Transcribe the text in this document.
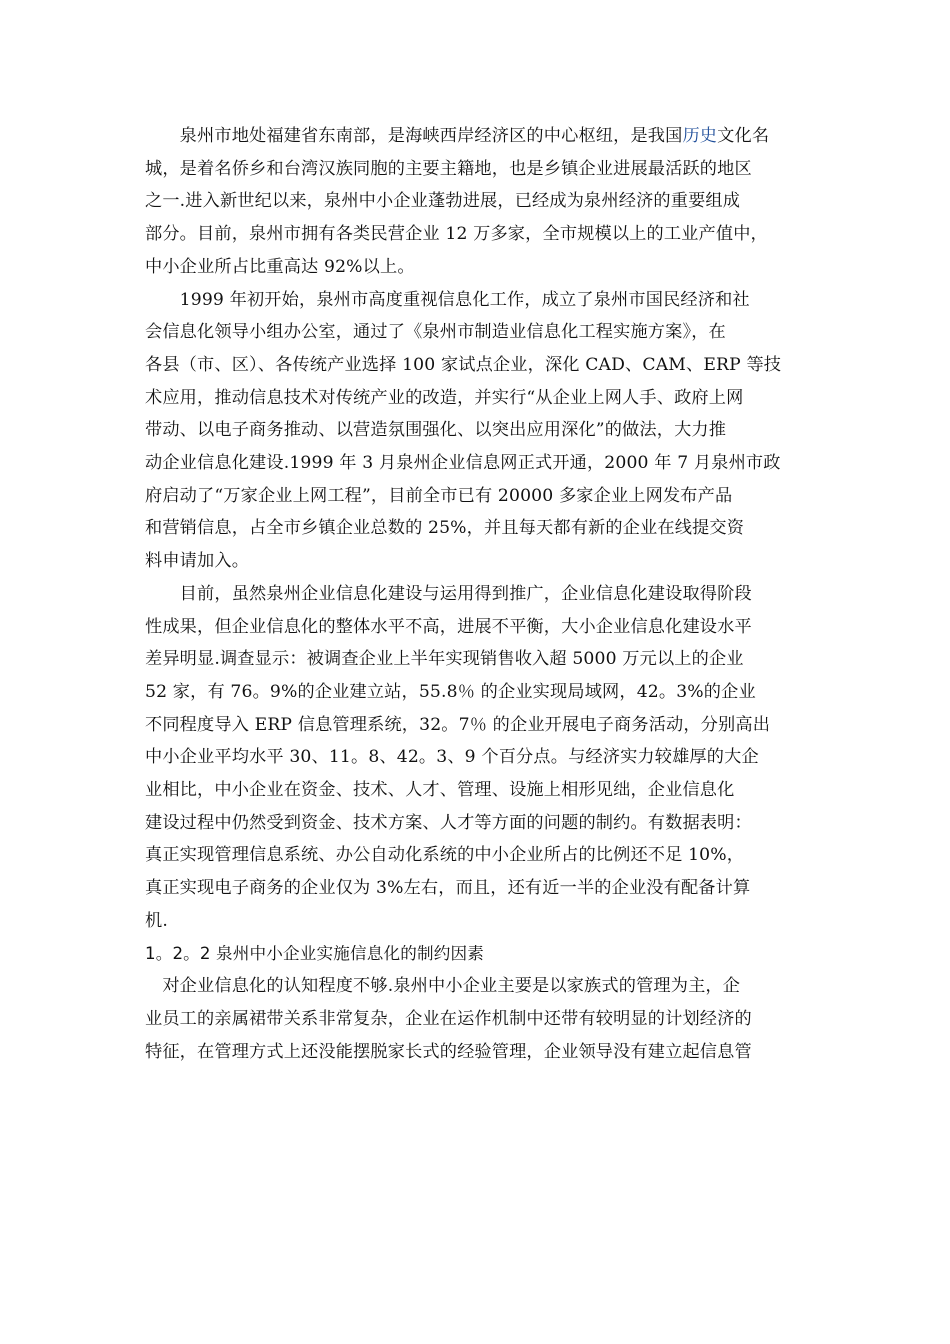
　　泉州市地处福建省东南部，是海峡西岸经济区的中心枢纽，是我国历史文化名
城，是着名侨乡和台湾汉族同胞的主要主籍地，也是乡镇企业进展最活跃的地区
之一.进入新世纪以来，泉州中小企业蓬勃进展，已经成为泉州经济的重要组成
部分。目前，泉州市拥有各类民营企业 12 万多家，全市规模以上的工业产值中，
中小企业所占比重高达 92%以上。
　　1999 年初开始，泉州市高度重视信息化工作，成立了泉州市国民经济和社
会信息化领导小组办公室，通过了《泉州市制造业信息化工程实施方案》，在
各县（市、区）、各传统产业选择 100 家试点企业，深化 CAD、CAM、ERP 等技
术应用，推动信息技术对传统产业的改造，并实行“从企业上网人手、政府上网
带动、以电子商务推动、以营造氛围强化、以突出应用深化”的做法，大力推
动企业信息化建设.1999 年 3 月泉州企业信息网正式开通，2000 年 7 月泉州市政
府启动了“万家企业上网工程”，目前全市已有 20000 多家企业上网发布产品
和营销信息，占全市乡镇企业总数的 25%，并且每天都有新的企业在线提交资
料申请加入。
　　目前，虽然泉州企业信息化建设与运用得到推广，企业信息化建设取得阶段
性成果，但企业信息化的整体水平不高，进展不平衡，大小企业信息化建设水平
差异明显.调查显示：被调查企业上半年实现销售收入超 5000 万元以上的企业
52 家，有 76。9%的企业建立站，55.8％ 的企业实现局域网，42。3%的企业
不同程度导入 ERP 信息管理系统，32。7％ 的企业开展电子商务活动，分别高出
中小企业平均水平 30、11。8、42。3、9 个百分点。与经济实力较雄厚的大企
业相比，中小企业在资金、技术、人才、管理、设施上相形见绌，企业信息化
建设过程中仍然受到资金、技术方案、人才等方面的问题的制约。有数据表明：
真正实现管理信息系统、办公自动化系统的中小企业所占的比例还不足 10%，
真正实现电子商务的企业仅为 3%左右，而且，还有近一半的企业没有配备计算
机.
1。2。2 泉州中小企业实施信息化的制约因素
　对企业信息化的认知程度不够.泉州中小企业主要是以家族式的管理为主，企
业员工的亲属裙带关系非常复杂，企业在运作机制中还带有较明显的计划经济的
特征，在管理方式上还没能摆脱家长式的经验管理，企业领导没有建立起信息管
